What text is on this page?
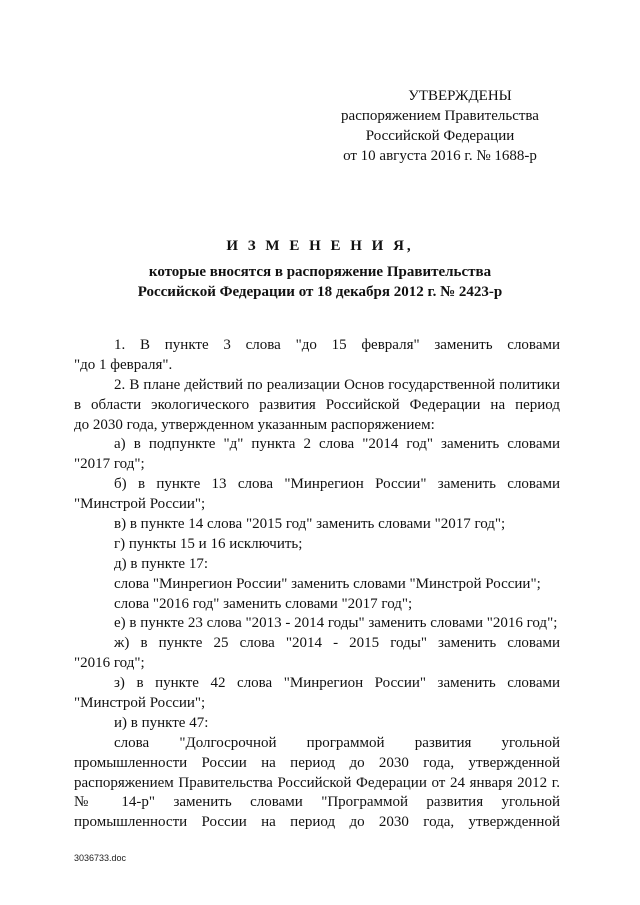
УТВЕРЖДЕНЫ
распоряжением Правительства
Российской Федерации
от 10 августа 2016 г. № 1688-р
И З М Е Н Е Н И Я,
которые вносятся в распоряжение Правительства
Российской Федерации от 18 декабря 2012 г. № 2423-р
1. В пункте 3 слова "до 15 февраля" заменить словами
"до 1 февраля".
2. В плане действий по реализации Основ государственной политики
в области экологического развития Российской Федерации на период
до 2030 года, утвержденном указанным распоряжением:
а) в подпункте "д" пункта 2 слова "2014 год" заменить словами
"2017 год";
б) в пункте 13 слова "Минрегион России" заменить словами
"Минстрой России";
в) в пункте 14 слова "2015 год" заменить словами "2017 год";
г) пункты 15 и 16 исключить;
д) в пункте 17:
слова "Минрегион России" заменить словами "Минстрой России";
слова "2016 год" заменить словами "2017 год";
е) в пункте 23 слова "2013 - 2014 годы" заменить словами "2016 год";
ж) в пункте 25 слова "2014 - 2015 годы" заменить словами
"2016 год";
з) в пункте 42 слова "Минрегион России" заменить словами
"Минстрой России";
и) в пункте 47:
слова "Долгосрочной программой развития угольной
промышленности России на период до 2030 года, утвержденной
распоряжением Правительства Российской Федерации от 24 января 2012 г.
№ 14-р" заменить словами "Программой развития угольной
промышленности России на период до 2030 года, утвержденной
3036733.doc
